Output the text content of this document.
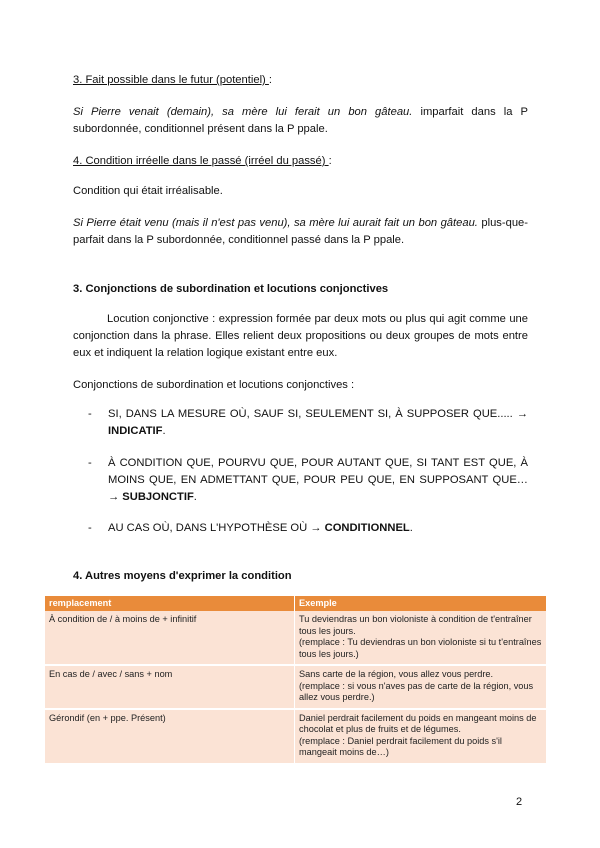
3. Fait possible dans le futur (potentiel) :

Si Pierre venait (demain), sa mère lui ferait un bon gâteau. imparfait dans la P subordonnée, conditionnel présent dans la P ppale.

4. Condition irréelle dans le passé (irréel du passé) :

Condition qui était irréalisable.

Si Pierre était venu (mais il n'est pas venu), sa mère lui aurait fait un bon gâteau. plus-que-parfait dans la P subordonnée, conditionnel passé dans la P ppale.

3. Conjonctions de subordination et locutions conjonctives

Locution conjonctive : expression formée par deux mots ou plus qui agit comme une conjonction dans la phrase. Elles relient deux propositions ou deux groupes de mots entre eux et indiquent la relation logique existant entre eux.

Conjonctions de subordination et locutions conjonctives :

- SI, DANS LA MESURE OÙ, SAUF SI, SEULEMENT SI, À SUPPOSER QUE..... → INDICATIF.

- À CONDITION QUE, POURVU QUE, POUR AUTANT QUE, SI TANT EST QUE, À MOINS QUE, EN ADMETTANT QUE, POUR PEU QUE, EN SUPPOSANT QUE… → SUBJONCTIF.

- AU CAS OÙ, DANS L'HYPOTHÈSE OÙ → CONDITIONNEL.

4. Autres moyens d'exprimer la condition

remplacement	Exemple
À condition de / à moins de + infinitif	Tu deviendras un bon violoniste à condition de t'entraîner tous les jours.
(remplace : Tu deviendras un bon violoniste si tu t'entraînes tous les jours.)
En cas de / avec / sans + nom	Sans carte de la région, vous allez vous perdre.
(remplace : si vous n'aves pas de carte de la région, vous allez vous perdre.)
Gérondif (en + ppe. Présent)	Daniel perdrait facilement du poids en mangeant moins de chocolat et plus de fruits et de légumes.
(remplace : Daniel perdrait facilement du poids s'il mangeait moins de…)
2
